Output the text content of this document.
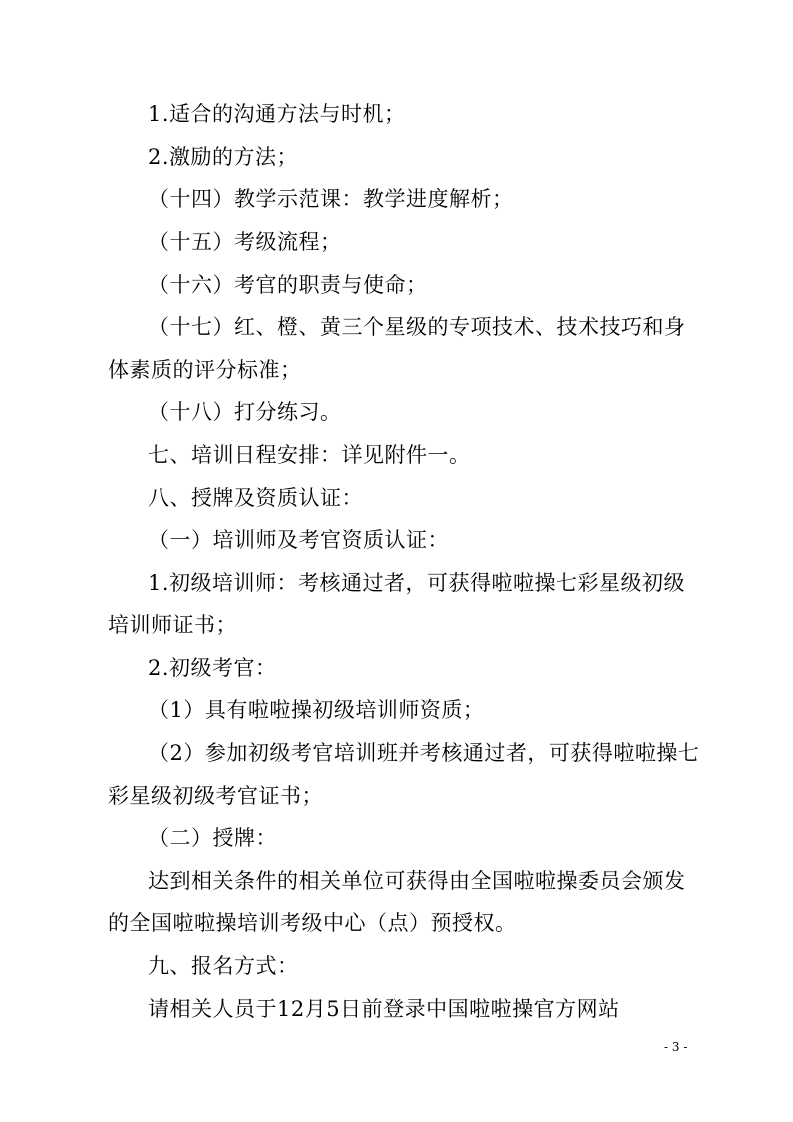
1.适合的沟通方法与时机；
2.激励的方法；
（十四）教学示范课：教学进度解析；
（十五）考级流程；
（十六）考官的职责与使命；
（十七）红、橙、黄三个星级的专项技术、技术技巧和身
体素质的评分标准；
（十八）打分练习。
七、培训日程安排：详见附件一。
八、授牌及资质认证：
（一）培训师及考官资质认证：
1.初级培训师：考核通过者，可获得啦啦操七彩星级初级
培训师证书；
2.初级考官：
（1）具有啦啦操初级培训师资质；
（2）参加初级考官培训班并考核通过者，可获得啦啦操七
彩星级初级考官证书；
（二）授牌：
达到相关条件的相关单位可获得由全国啦啦操委员会颁发
的全国啦啦操培训考级中心（点）预授权。
九、报名方式：
请相关人员于12月5日前登录中国啦啦操官方网站
- 3 -
